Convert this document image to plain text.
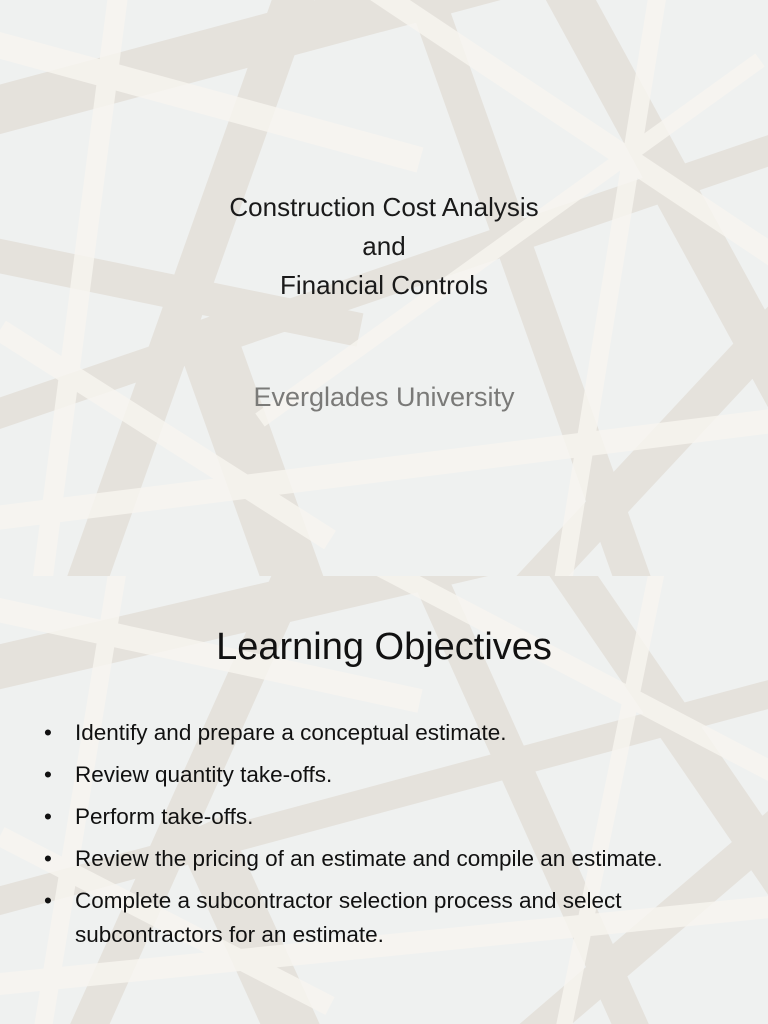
Construction Cost Analysis
and
Financial Controls
Everglades University
Learning Objectives
• Identify and prepare a conceptual estimate.
• Review quantity take-offs.
• Perform take-offs.
• Review the pricing of an estimate and compile an estimate.
• Complete a subcontractor selection process and select subcontractors for an estimate.
